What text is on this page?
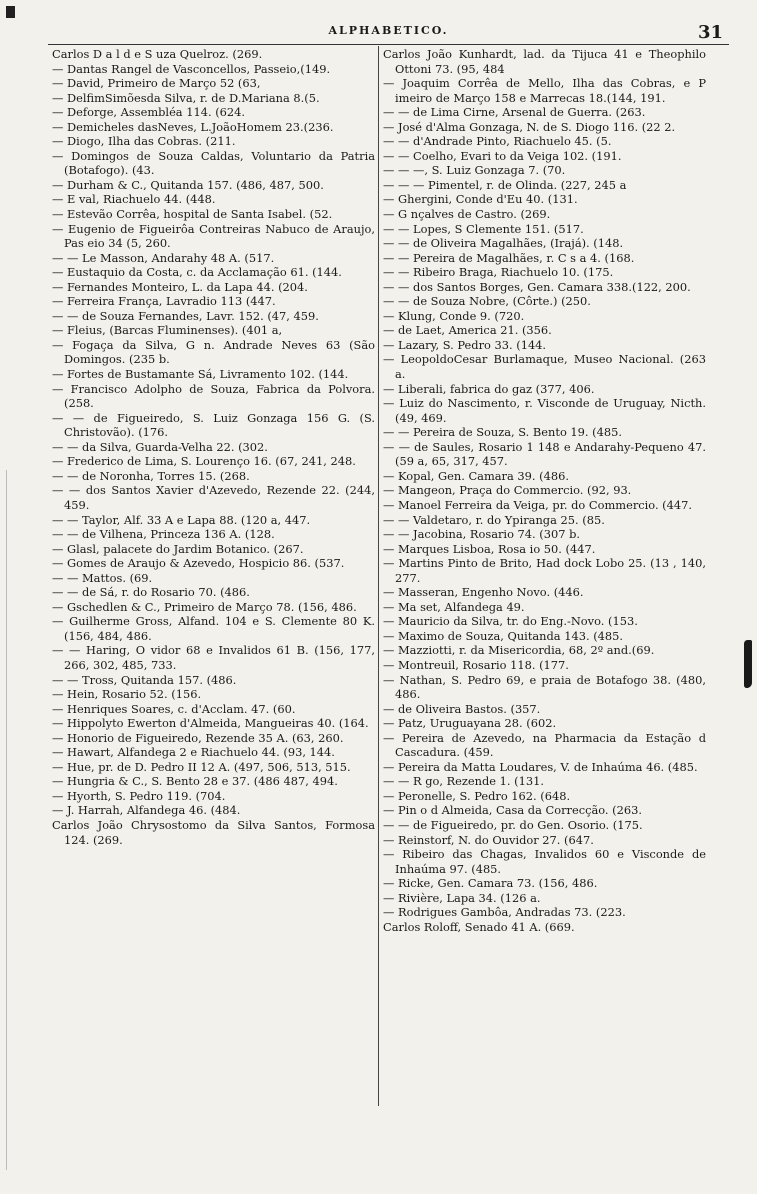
ALPHABETICO.	31
Carlos D a l d e S uza Quelroz. (269.
— Dantas Rangel de Vasconcellos, Passeio,(149.
— David, Primeiro de Março 52 (63,
— DelfimSimõesda Silva, r. de D.Mariana 8.(5.
— Deforge, Assembléa 114. (624.
— Demicheles dasNeves, L.JoãoHomem 23.(236.
— Diogo, Ilha das Cobras. (211.
— Domingos de Souza Caldas, Voluntario da Patria (Botafogo). (43.
— Durham & C., Quitanda 157. (486, 487, 500.
— E val, Riachuelo 44. (448.
— Estevão Corrêa, hospital de Santa Isabel. (52.
— Eugenio de Figueirôa Contreiras Nabuco de Araujo, Pas eio 34 (5, 260.
— — Le Masson, Andarahy 48 A. (517.
— Eustaquio da Costa, c. da Acclamação 61. (144.
— Fernandes Monteiro, L. da Lapa 44. (204.
— Ferreira França, Lavradio 113 (447.
— — de Souza Fernandes, Lavr. 152. (47, 459.
— Fleius, (Barcas Fluminenses). (401 a,
— Fogaça da Silva, G n. Andrade Neves 63 (São Domingos. (235 b.
— Fortes de Bustamante Sá, Livramento 102. (144.
— Francisco Adolpho de Souza, Fabrica da Polvora. (258.
— — de Figueiredo, S. Luiz Gonzaga 156 G. (S. Christovão). (176.
— — da Silva, Guarda-Velha 22. (302.
— Frederico de Lima, S. Lourenço 16. (67, 241, 248.
— — de Noronha, Torres 15. (268.
— — dos Santos Xavier d'Azevedo, Rezende 22. (244, 459.
— — Taylor, Alf. 33 A e Lapa 88. (120 a, 447.
— — de Vilhena, Princeza 136 A. (128.
— Glasl, palacete do Jardim Botanico. (267.
— Gomes de Araujo & Azevedo, Hospicio 86. (537.
— — Mattos. (69.
— — de Sá, r. do Rosario 70. (486.
— Gschedlen & C., Primeiro de Março 78. (156, 486.
— Guilherme Gross, Alfand. 104 e S. Clemente 80 K. (156, 484, 486.
— — Haring, O vidor 68 e Invalidos 61 B. (156, 177, 266, 302, 485, 733.
— — Tross, Quitanda 157. (486.
— Hein, Rosario 52. (156.
— Henriques Soares, c. d'Acclam. 47. (60.
— Hippolyto Ewerton d'Almeida, Mangueiras 40. (164.
— Honorio de Figueiredo, Rezende 35 A. (63, 260.
— Hawart, Alfandega 2 e Riachuelo 44. (93, 144.
— Hue, pr. de D. Pedro II 12 A. (497, 506, 513, 515.
— Hungria & C., S. Bento 28 e 37. (486 487, 494.
— Hyorth, S. Pedro 119. (704.
— J. Harrah, Alfandega 46. (484.
Carlos João Chrysostomo da Silva Santos, Formosa 124. (269.
Carlos João Kunhardt, lad. da Tijuca 41 e Theophilo Ottoni 73. (95, 484
— Joaquim Corrêa de Mello, Ilha das Cobras, e P imeiro de Março 158 e Marrecas 18.(144, 191.
— — de Lima Cirne, Arsenal de Guerra. (263.
— José d'Alma Gonzaga, N. de S. Diogo 116. (22 2.
— — d'Andrade Pinto, Riachuelo 45. (5.
— — Coelho, Evari to da Veiga 102. (191.
— — —, S. Luiz Gonzaga 7. (70.
— — — Pimentel, r. de Olinda. (227, 245 a
— Ghergini, Conde d'Eu 40. (131.
— G nçalves de Castro. (269.
— — Lopes, S Clemente 151. (517.
— — de Oliveira Magalhães, (Irajá). (148.
— — Pereira de Magalhães, r. C s a 4. (168.
— — Ribeiro Braga, Riachuelo 10. (175.
— — dos Santos Borges, Gen. Camara 338.(122, 200.
— — de Souza Nobre, (Côrte.) (250.
— Klung, Conde 9. (720.
— de Laet, America 21. (356.
— Lazary, S. Pedro 33. (144.
— LeopoldoCesar Burlamaque, Museo Nacional. (263 a.
— Liberali, fabrica do gaz (377, 406.
— Luiz do Nascimento, r. Visconde de Uruguay, Nicth. (49, 469.
— — Pereira de Souza, S. Bento 19. (485.
— — de Saules, Rosario 1 148 e Andarahy-Pequeno 47. (59 a, 65, 317, 457.
— Kopal, Gen. Camara 39. (486.
— Mangeon, Praça do Commercio. (92, 93.
— Manoel Ferreira da Veiga, pr. do Commercio. (447.
— — Valdetaro, r. do Ypiranga 25. (85.
— — Jacobina, Rosario 74. (307 b.
— Marques Lisboa, Rosa io 50. (447.
— Martins Pinto de Brito, Had dock Lobo 25. (13 , 140, 277.
— Masseran, Engenho Novo. (446.
— Ma set, Alfandega 49.
— Mauricio da Silva, tr. do Eng.-Novo. (153.
— Maximo de Souza, Quitanda 143. (485.
— Mazziotti, r. da Misericordia, 68, 2º and.(69.
— Montreuil, Rosario 118. (177.
— Nathan, S. Pedro 69, e praia de Botafogo 38. (480, 486.
— de Oliveira Bastos. (357.
— Patz, Uruguayana 28. (602.
— Pereira de Azevedo, na Pharmacia da Estação d Cascadura. (459.
— Pereira da Matta Loudares, V. de Inhaúma 46. (485.
— — R go, Rezende 1. (131.
— Peronelle, S. Pedro 162. (648.
— Pin o d Almeida, Casa da Correcção. (263.
— — de Figueiredo, pr. do Gen. Osorio. (175.
— Reinstorf, N. do Ouvidor 27. (647.
— Ribeiro das Chagas, Invalidos 60 e Visconde de Inhaúma 97. (485.
— Ricke, Gen. Camara 73. (156, 486.
— Rivière, Lapa 34. (126 a.
— Rodrigues Gambôa, Andradas 73. (223.
Carlos Roloff, Senado 41 A. (669.
